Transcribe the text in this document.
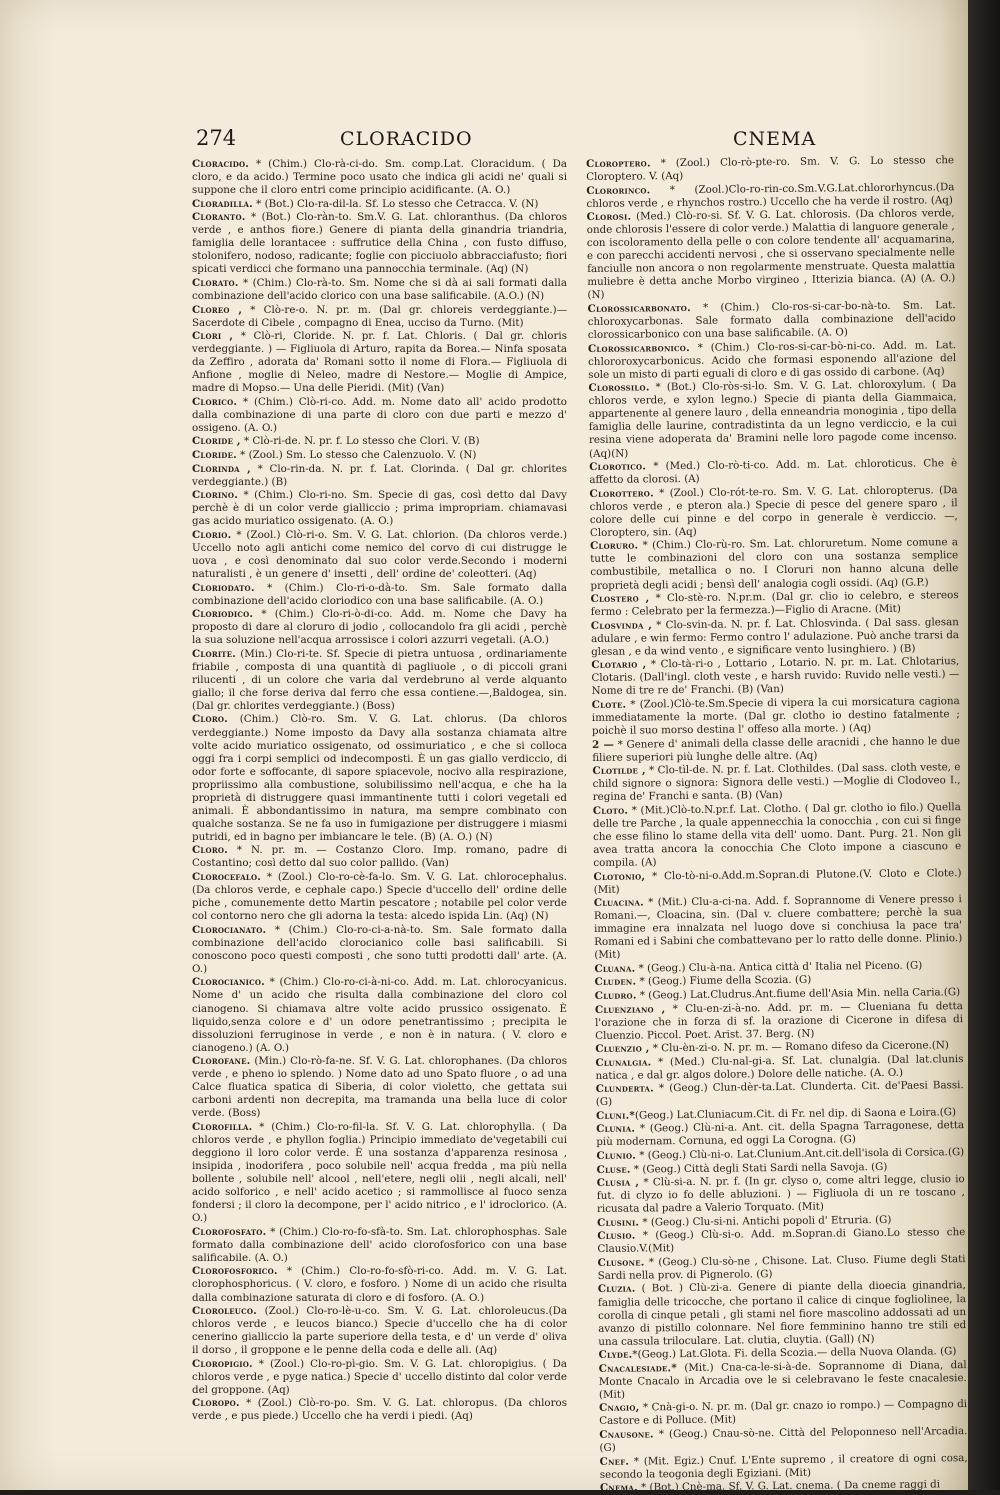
274	CLORACIDO	CNEMA
Cloracido. * (Chim.) Clo-rà-ci-do. Sm. comp.Lat. Cloracidum. ( Da cloro, e da acido.) Termine poco usato che indica gli acidi ne' quali si suppone che il cloro entri come principio acidificante. (A. O.)
Cloradilla. * (Bot.) Clo-ra-dil-la. Sf. Lo stesso che Cetracca. V. (N)
Cloranto. * (Bot.) Clo-ràn-to. Sm.V. G. Lat. chloranthus. (Da chloros verde , e anthos fiore.) Genere di pianta della ginandria triandria, famiglia delle lorantacee : suffrutice della China , con fusto diffuso, stolonifero, nodoso, radicante; foglie con picciuolo abbracciafusto; fiori spicati verdicci che formano una pannocchia terminale. (Aq) (N)
Clorato. * (Chim.) Clo-rà-to. Sm. Nome che si dà ai sali formati dalla combinazione dell'acido clorico con una base salificabile. (A.O.) (N)
Cloreo , * Clò-re-o. N. pr. m. (Dal gr. chloreis verdeggiante.)—Sacerdote di Cibele , compagno di Enea, ucciso da Turno. (Mit)
Clori , * Clò-ri, Cloride. N. pr. f. Lat. Chloris. ( Dal gr. chloris verdeggiante. ) — Figliuola di Arturo, rapita da Borea.— Ninfa sposata da Zeffiro , adorata da' Romani sotto il nome di Flora.— Figliuola di Anfione , moglie di Neleo, madre di Nestore.— Moglie di Ampice, madre di Mopso.— Una delle Pieridi. (Mit) (Van)
Clorico. * (Chim.) Clò-ri-co. Add. m. Nome dato all' acido prodotto dalla combinazione di una parte di cloro con due parti e mezzo d' ossigeno. (A. O.)
Cloride , * Clò-ri-de. N. pr. f. Lo stesso che Clori. V. (B)
Cloride. * (Zool.) Sm. Lo stesso che Calenzuolo. V. (N)
Clorinda , * Clo-rin-da. N. pr. f. Lat. Clorinda. ( Dal gr. chlorites verdeggiante.) (B)
Clorino. * (Chim.) Clo-ri-no. Sm. Specie di gas, così detto dal Davy perchè è di un color verde gialliccio ; prima impropriam. chiamavasi gas acido muriatico ossigenato. (A. O.)
Clorio. * (Zool.) Clò-ri-o. Sm. V. G. Lat. chlorion. (Da chloros verde.) Uccello noto agli antichi come nemico del corvo di cui distrugge le uova , e così denominato dal suo color verde.Secondo i moderni naturalisti , è un genere d' insetti , dell' ordine de' coleotteri. (Aq)
Cloriodato. * (Chim.) Clo-ri-o-dà-to. Sm. Sale formato dalla combinazione dell'acido cloriodico con una base salificabile. (A. O.)
Cloriodico. * (Chim.) Clo-ri-ò-di-co. Add. m. Nome che Davy ha proposto di dare al cloruro di jodio , collocandolo fra gli acidi , perchè la sua soluzione nell'acqua arrossisce i colori azzurri vegetali. (A.O.)
Clorite. (Min.) Clo-ri-te. Sf. Specie di pietra untuosa , ordinariamente friabile , composta di una quantità di pagliuole , o di piccoli grani rilucenti , di un colore che varia dal verdebruno al verde alquanto giallo; il che forse deriva dal ferro che essa contiene.—,Baldogea, sin. (Dal gr. chlorites verdeggiante.) (Boss)
Cloro. (Chim.) Clò-ro. Sm. V. G. Lat. chlorus. (Da chloros verdeggiante.) Nome imposto da Davy alla sostanza chiamata altre volte acido muriatico ossigenato, od ossimuriatico , e che si colloca oggi fra i corpi semplici od indecomposti. È un gas giallo verdiccio, di odor forte e soffocante, di sapore spiacevole, nocivo alla respirazione, propriissimo alla combustione, solubilissimo nell'acqua, e che ha la proprietà di distruggere quasi immantinente tutti i colori vegetali ed animali. È abbondantissimo in natura, ma sempre combinato con qualche sostanza. Se ne fa uso in fumigazione per distruggere i miasmi putridi, ed in bagno per imbiancare le tele. (B) (A. O.) (N)
Cloro. * N. pr. m. — Costanzo Cloro. Imp. romano, padre di Costantino; così detto dal suo color pallido. (Van)
Clorocefalo. * (Zool.) Clo-ro-cè-fa-lo. Sm. V. G. Lat. chlorocephalus. (Da chloros verde, e cephale capo.) Specie d'uccello dell' ordine delle piche , comunemente detto Martin pescatore ; notabile pel color verde col contorno nero che gli adorna la testa: alcedo ispida Lin. (Aq) (N)
Clorocianato. * (Chim.) Clo-ro-ci-a-nà-to. Sm. Sale formato dalla combinazione dell'acido clorocianico colle basi salificabili. Si conoscono poco questi composti , che sono tutti prodotti dall' arte. (A. O.)
Clorocianico. * (Chim.) Clo-ro-ci-à-ni-co. Add. m. Lat. chlorocyanicus. Nome d' un acido che risulta dalla combinazione del cloro col cianogeno. Si chiamava altre volte acido prussico ossigenato. È liquido,senza colore e d' un odore penetrantissimo ; precipita le dissoluzioni ferruginose in verde , e non è in natura. ( V. cloro e cianogeno.) (A. O.)
Clorofane. (Min.) Clo-rò-fa-ne. Sf. V. G. Lat. chlorophanes. (Da chloros verde , e pheno io splendo. ) Nome dato ad uno Spato fluore , o ad una Calce fluatica spatica di Siberia, di color violetto, che gettata sui carboni ardenti non decrepita, ma tramanda una bella luce di color verde. (Boss)
Clorofilla. * (Chim.) Clo-ro-fil-la. Sf. V. G. Lat. chlorophylla. ( Da chloros verde , e phyllon foglia.) Principio immediato de'vegetabili cui deggiono il loro color verde. È una sostanza d'apparenza resinosa , insipida , inodorifera , poco solubile nell' acqua fredda , ma più nella bollente , solubile nell' alcool , nell'etere, negli olii , negli alcali, nell' acido solforico , e nell' acido acetico ; si rammollisce al fuoco senza fondersi ; il cloro la decompone, per l' acido nitrico , e l' idroclorico. (A. O.)
Clorofosfato. * (Chim.) Clo-ro-fo-sfà-to. Sm. Lat. chlorophosphas. Sale formato dalla combinazione dell' acido clorofosforico con una base salificabile. (A. O.)
Clorofosforico. * (Chim.) Clo-ro-fo-sfò-ri-co. Add. m. V. G. Lat. clorophosphoricus. ( V. cloro, e fosforo. ) Nome di un acido che risulta dalla combinazione saturata di cloro e di fosforo. (A. O.)
Cloroleuco. (Zool.) Clo-ro-lè-u-co. Sm. V. G. Lat. chloroleucus.(Da chloros verde , e leucos bianco.) Specie d'uccello che ha di color cenerino gialliccio la parte superiore della testa, e d' un verde d' oliva il dorso , il groppone e le penne della coda e delle ali. (Aq)
Cloropigio. * (Zool.) Clo-ro-pì-gio. Sm. V. G. Lat. chloropigius. ( Da chloros verde , e pyge natica.) Specie d' uccello distinto dal color verde del groppone. (Aq)
Cloropo. * (Zool.) Clò-ro-po. Sm. V. G. Lat. chloropus. (Da chloros verde , e pus piede.) Uccello che ha verdi i piedi. (Aq)
Cloroptero. * (Zool.) Clo-rò-pte-ro. Sm. V. G. Lo stesso che Cloroptero. V. (Aq)
Clororinco. * (Zool.)Clo-ro-rin-co.Sm.V.G.Lat.chlororhyncus.(Da chloros verde , e rhynchos rostro.) Uccello che ha verde il rostro. (Aq)
Clorosi. (Med.) Clò-ro-si. Sf. V. G. Lat. chlorosis. (Da chloros verde, onde chlorosis l'essere di color verde.) Malattia di languore generale , con iscoloramento della pelle o con colore tendente all' acquamarina, e con parecchi accidenti nervosi , che si osservano specialmente nelle fanciulle non ancora o non regolarmente menstruate. Questa malattia muliebre è detta anche Morbo virgineo , Itterizia bianca. (A) (A. O.) (N)
Clorossicarbonato. * (Chim.) Clo-ros-si-car-bo-nà-to. Sm. Lat. chloroxycarbonas. Sale formato dalla combinazione dell'acido clorossicarbonico con una base salificabile. (A. O)
Clorossicarbonico. * (Chim.) Clo-ros-si-car-bò-ni-co. Add. m. Lat. chlororoxycarbonicus. Acido che formasi esponendo all'azione del sole un misto di parti eguali di cloro e di gas ossido di carbone. (Aq)
Clorossilo. * (Bot.) Clo-ròs-si-lo. Sm. V. G. Lat. chloroxylum. ( Da chloros verde, e xylon legno.) Specie di pianta della Giammaica, appartenente al genere lauro , della enneandria monoginia , tipo della famiglia delle laurine, contradistinta da un legno verdiccio, e la cui resina viene adoperata da' Bramini nelle loro pagode come incenso.(Aq)(N)
Clorotico. * (Med.) Clo-rò-ti-co. Add. m. Lat. chloroticus. Che è affetto da clorosi. (A)
Clorottero. * (Zool.) Clo-rót-te-ro. Sm. V. G. Lat. chloropterus. (Da chloros verde , e pteron ala.) Specie di pesce del genere sparo , il colore delle cui pinne e del corpo in generale è verdiccio. —, Cloroptero, sin. (Aq)
Cloruro. * (Chim.) Clo-rù-ro. Sm. Lat. chloruretum. Nome comune a tutte le combinazioni del cloro con una sostanza semplice combustibile, metallica o no. I Cloruri non hanno alcuna delle proprietà degli acidi ; bensì dell' analogia cogli ossidi. (Aq) (G.P.)
Clostero , * Clo-stè-ro. N.pr.m. (Dal gr. clio io celebro, e stereos fermo : Celebrato per la fermezza.)—Figlio di Aracne. (Mit)
Closvinda , * Clo-svin-da. N. pr. f. Lat. Chlosvinda. ( Dal sass. glesan adulare , e win fermo: Fermo contro l' adulazione. Può anche trarsi da glesan , e da wind vento , e significare vento lusinghiero. ) (B)
Clotario , * Clo-tà-ri-o , Lottario , Lotario. N. pr. m. Lat. Chlotarius, Clotaris. (Dall'ingl. cloth veste , e harsh ruvido: Ruvido nelle vesti.) —Nome di tre re de' Franchi. (B) (Van)
Clote. * (Zool.)Clò-te.Sm.Specie di vipera la cui morsicatura cagiona immediatamente la morte. (Dal gr. clotho io destino fatalmente ; poichè il suo morso destina l' offeso alla morte. ) (Aq)
2 — * Genere d' animali della classe delle aracnidi , che hanno le due filiere superiori più lunghe delle altre. (Aq)
Clotilde , * Clo-tìl-de. N. pr. f. Lat. Clothildes. (Dal sass. cloth veste, e child signore o signora: Signora delle vesti.) —Moglie di Clodoveo I., regina de' Franchi e santa. (B) (Van)
Cloto. * (Mit.)Clò-to.N.pr.f. Lat. Clotho. ( Dal gr. clotho io filo.) Quella delle tre Parche , la quale appennecchia la conocchia , con cui si finge che esse filino lo stame della vita dell' uomo. Dant. Purg. 21. Non gli avea tratta ancora la conocchia Che Cloto impone a ciascuno e compila. (A)
Clotonio, * Clo-tò-ni-o.Add.m.Sopran.di Plutone.(V. Cloto e Clote.)(Mit)
Cluacina. * (Mit.) Clu-a-ci-na. Add. f. Soprannome di Venere presso i Romani.—, Cloacina, sin. (Dal v. cluere combattere; perchè la sua immagine era innalzata nel luogo dove si conchiusa la pace tra' Romani ed i Sabini che combattevano per lo ratto delle donne. Plinio.) (Mit)
Cluana. * (Geog.) Clu-à-na. Antica città d' Italia nel Piceno. (G)
Cluden. * (Geog.) Fiume della Scozia. (G)
Cludro. * (Geog.) Lat.Cludrus.Ant.fiume dell'Asia Min. nella Caria.(G)
Cluenziano , * Clu-en-zi-à-no. Add. pr. m. — Clueniana fu detta l'orazione che in forza di sf. la orazione di Cicerone in difesa di Cluenzio. Piccol. Poet. Arist. 37. Berg. (N)
Cluenzio , * Clu-èn-zi-o. N. pr. m. — Romano difeso da Cicerone.(N)
Clunalgia. * (Med.) Clu-nal-gi-a. Sf. Lat. clunalgia. (Dal lat.clunis natica , e dal gr. algos dolore.) Dolore delle natiche. (A. O.)
Clunderta. * (Geog.) Clun-dèr-ta.Lat. Clunderta. Cit. de'Paesi Bassi.(G)
Cluni.*(Geog.) Lat.Cluniacum.Cit. di Fr. nel dip. di Saona e Loira.(G)
Clunia. * (Geog.) Clù-ni-a. Ant. cit. della Spagna Tarragonese, detta più modernam. Cornuna, ed oggi La Corogna. (G)
Clunio. * (Geog.) Clù-ni-o. Lat.Clunium.Ant.cit.dell'isola di Corsica.(G)
Cluse. * (Geog.) Città degli Stati Sardi nella Savoja. (G)
Clusia , * Clù-si-a. N. pr. f. (In gr. clyso o, come altri legge, clusio io fut. di clyzo io fo delle abluzioni. ) — Figliuola di un re toscano , ricusata dal padre a Valerio Torquato. (Mit)
Clusini. * (Geog.) Clu-si-ni. Antichi popoli d' Etruria. (G)
Clusio. * (Geog.) Clù-si-o. Add. m.Sopran.di Giano.Lo stesso che Clausio.V.(Mit)
Clusone. * (Geog.) Clu-sò-ne , Chisone. Lat. Cluso. Fiume degli Stati Sardi nella prov. di Pignerolo. (G)
Cluzia. ( Bot. ) Clù-zi-a. Genere di piante della dioecia ginandria, famiglia delle tricocche, che portano il calice di cinque fogliolinee, la corolla di cinque petali , gli stami nel fiore mascolino addossati ad un avanzo di pistillo colonnare. Nel fiore femminino hanno tre stili ed una cassula triloculare. Lat. clutia, cluytia. (Gall) (N)
Clyde.*(Geog.) Lat.Glota. Fi. della Scozia.— della Nuova Olanda. (G)
Cnacalesiade.* (Mit.) Cna-ca-le-si-à-de. Soprannome di Diana, dal Monte Cnacalo in Arcadia ove le si celebravano le feste cnacalesie. (Mit)
Cnagio, * Cnà-gi-o. N. pr. m. (Dal gr. cnazo io rompo.) — Compagno di Castore e di Polluce. (Mit)
Cnausone. * (Geog.) Cnau-sò-ne. Città del Peloponneso nell'Arcadia.(G)
Cnef. * (Mit. Egiz.) Cnuf. L'Ente supremo , il creatore di ogni cosa, secondo la teogonia degli Egiziani. (Mit)
Cnema. * (Bot.) Cnè-ma. Sf. V. G. Lat. cnema. ( Da cneme raggi di
